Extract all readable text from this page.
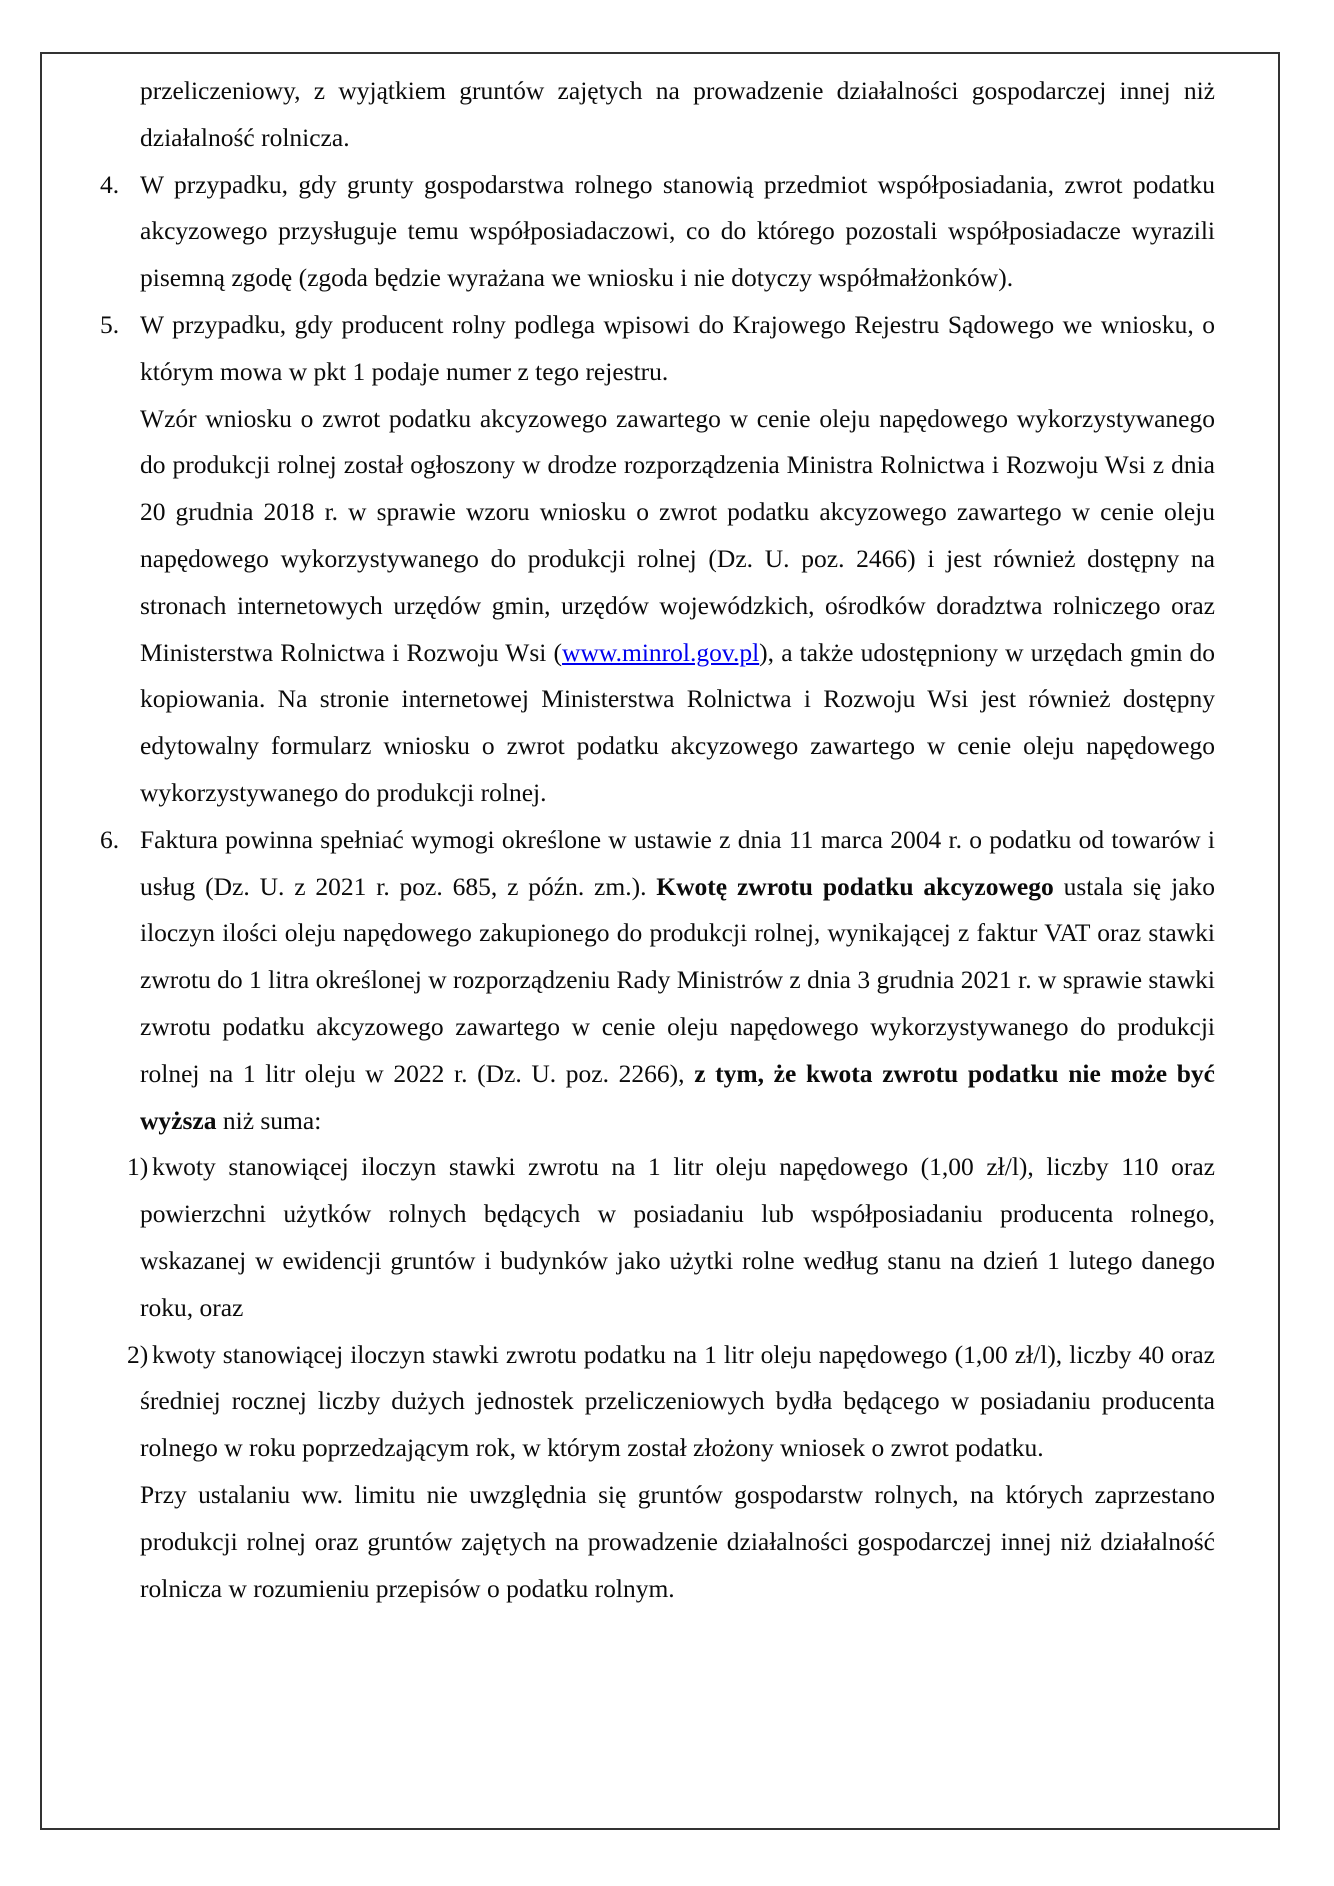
przeliczeniowy, z wyjątkiem gruntów zajętych na prowadzenie działalności gospodarczej innej niż działalność rolnicza.

4. W przypadku, gdy grunty gospodarstwa rolnego stanowią przedmiot współposiadania, zwrot podatku akcyzowego przysługuje temu współposiadaczowi, co do którego pozostali współposiadacze wyrazili pisemną zgodę (zgoda będzie wyrażana we wniosku i nie dotyczy współmałżonków).

5. W przypadku, gdy producent rolny podlega wpisowi do Krajowego Rejestru Sądowego we wniosku, o którym mowa w pkt 1 podaje numer z tego rejestru.

Wzór wniosku o zwrot podatku akcyzowego zawartego w cenie oleju napędowego wykorzystywanego do produkcji rolnej został ogłoszony w drodze rozporządzenia Ministra Rolnictwa i Rozwoju Wsi z dnia 20 grudnia 2018 r. w sprawie wzoru wniosku o zwrot podatku akcyzowego zawartego w cenie oleju napędowego wykorzystywanego do produkcji rolnej (Dz. U. poz. 2466) i jest również dostępny na stronach internetowych urzędów gmin, urzędów wojewódzkich, ośrodków doradztwa rolniczego oraz Ministerstwa Rolnictwa i Rozwoju Wsi (www.minrol.gov.pl), a także udostępniony w urzędach gmin do kopiowania. Na stronie internetowej Ministerstwa Rolnictwa i Rozwoju Wsi jest również dostępny edytowalny formularz wniosku o zwrot podatku akcyzowego zawartego w cenie oleju napędowego wykorzystywanego do produkcji rolnej.

6. Faktura powinna spełniać wymogi określone w ustawie z dnia 11 marca 2004 r. o podatku od towarów i usług (Dz. U. z 2021 r. poz. 685, z późn. zm.). Kwotę zwrotu podatku akcyzowego ustala się jako iloczyn ilości oleju napędowego zakupionego do produkcji rolnej, wynikającej z faktur VAT oraz stawki zwrotu do 1 litra określonej w rozporządzeniu Rady Ministrów z dnia 3 grudnia 2021 r. w sprawie stawki zwrotu podatku akcyzowego zawartego w cenie oleju napędowego wykorzystywanego do produkcji rolnej na 1 litr oleju w 2022 r. (Dz. U. poz. 2266), z tym, że kwota zwrotu podatku nie może być wyższa niż suma:

1) kwoty stanowiącej iloczyn stawki zwrotu na 1 litr oleju napędowego (1,00 zł/l), liczby 110 oraz powierzchni użytków rolnych będących w posiadaniu lub współposiadaniu producenta rolnego, wskazanej w ewidencji gruntów i budynków jako użytki rolne według stanu na dzień 1 lutego danego roku, oraz

2) kwoty stanowiącej iloczyn stawki zwrotu podatku na 1 litr oleju napędowego (1,00 zł/l), liczby 40 oraz średniej rocznej liczby dużych jednostek przeliczeniowych bydła będącego w posiadaniu producenta rolnego w roku poprzedzającym rok, w którym został złożony wniosek o zwrot podatku.

Przy ustalaniu ww. limitu nie uwzględnia się gruntów gospodarstw rolnych, na których zaprzestano produkcji rolnej oraz gruntów zajętych na prowadzenie działalności gospodarczej innej niż działalność rolnicza w rozumieniu przepisów o podatku rolnym.
